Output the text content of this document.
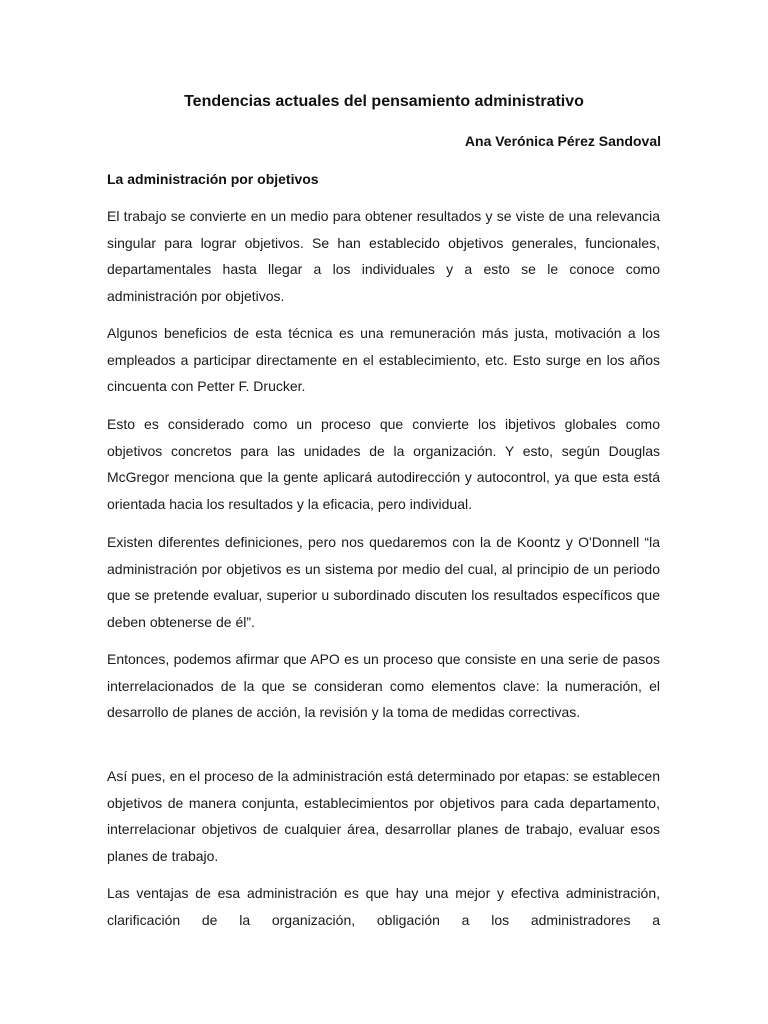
Tendencias actuales del pensamiento administrativo
Ana Verónica Pérez Sandoval
La administración por objetivos

El trabajo se convierte en un medio para obtener resultados y se viste de una relevancia singular para lograr objetivos. Se han establecido objetivos generales, funcionales, departamentales hasta llegar a los individuales y a esto se le conoce como administración por objetivos.

Algunos beneficios de esta técnica es una remuneración más justa, motivación a los empleados a participar directamente en el establecimiento, etc. Esto surge en los años cincuenta con Petter F. Drucker.

Esto es considerado como un proceso que convierte los ibjetivos globales como objetivos concretos para las unidades de la organización. Y esto, según Douglas McGregor menciona que la gente aplicará autodirección y autocontrol, ya que esta está orientada hacia los resultados y la eficacia, pero individual.

Existen diferentes definiciones, pero nos quedaremos con la de Koontz y O'Donnell “la administración por objetivos es un sistema por medio del cual, al principio de un periodo que se pretende evaluar, superior u subordinado discuten los resultados específicos que deben obtenerse de él”.

Entonces, podemos afirmar que APO es un proceso que consiste en una serie de pasos interrelacionados de la que se consideran como elementos clave: la numeración, el desarrollo de planes de acción, la revisión y la toma de medidas correctivas.

Así pues, en el proceso de la administración está determinado por etapas: se establecen objetivos de manera conjunta, establecimientos por objetivos para cada departamento, interrelacionar objetivos de cualquier área, desarrollar planes de trabajo, evaluar esos planes de trabajo.

Las ventajas de esa administración es que hay una mejor y efectiva administración, clarificación de la organización, obligación a los administradores a
